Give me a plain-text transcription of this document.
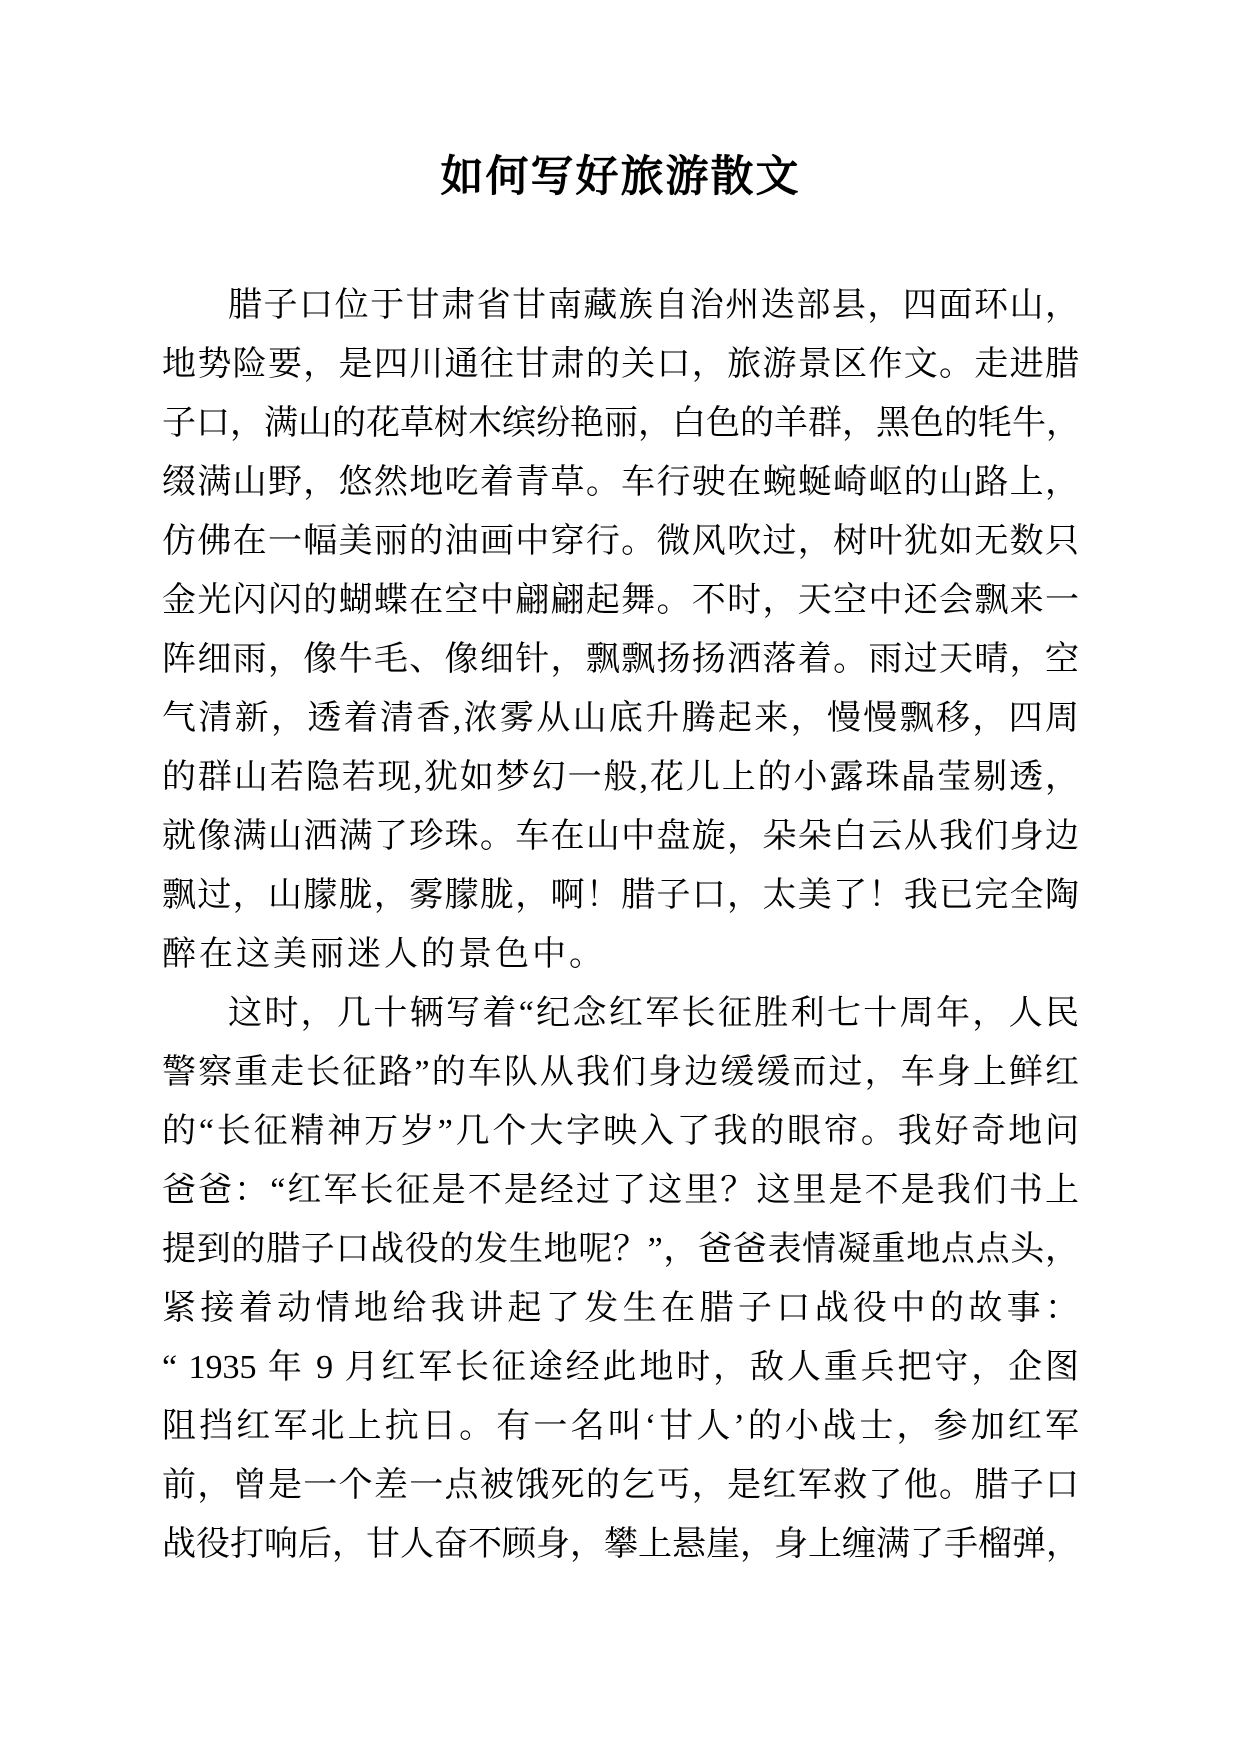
如何写好旅游散文
腊子口位于甘肃省甘南藏族自治州迭部县，四面环山，
地势险要，是四川通往甘肃的关口，旅游景区作文。走进腊
子口，满山的花草树木缤纷艳丽，白色的羊群，黑色的牦牛，
缀满山野，悠然地吃着青草。车行驶在蜿蜒崎岖的山路上，
仿佛在一幅美丽的油画中穿行。微风吹过，树叶犹如无数只
金光闪闪的蝴蝶在空中翩翩起舞。不时，天空中还会飘来一
阵细雨，像牛毛、像细针，飘飘扬扬洒落着。雨过天晴，空
气清新，透着清香,浓雾从山底升腾起来，慢慢飘移，四周
的群山若隐若现,犹如梦幻一般,花儿上的小露珠晶莹剔透，
就像满山洒满了珍珠。车在山中盘旋，朵朵白云从我们身边
飘过，山朦胧，雾朦胧，啊！腊子口，太美了！我已完全陶
醉在这美丽迷人的景色中。
这时，几十辆写着“纪念红军长征胜利七十周年，人民
警察重走长征路”的车队从我们身边缓缓而过，车身上鲜红
的“长征精神万岁”几个大字映入了我的眼帘。我好奇地问
爸爸：“红军长征是不是经过了这里？这里是不是我们书上
提到的腊子口战役的发生地呢？”，爸爸表情凝重地点点头，
紧接着动情地给我讲起了发生在腊子口战役中的故事：
“ 1935 年 9 月红军长征途经此地时，敌人重兵把守，企图
阻挡红军北上抗日。有一名叫‘甘人’的小战士，参加红军
前，曾是一个差一点被饿死的乞丐，是红军救了他。腊子口
战役打响后，甘人奋不顾身，攀上悬崖，身上缠满了手榴弹，
